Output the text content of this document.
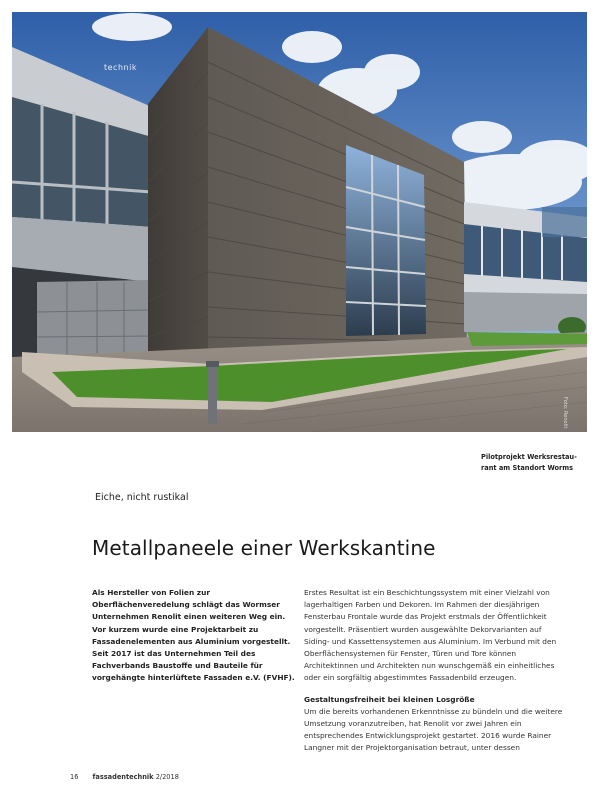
technik
Foto: Renolit
Pilotprojekt Werksrestau-rant am Standort Worms
Eiche, nicht rustikal
Metallpaneele einer Werkskantine
Als Hersteller von Folien zur Oberflächenveredelung schlägt das Wormser Unternehmen Renolit einen weiteren Weg ein. Vor kurzem wurde eine Projektarbeit zu Fassadenelementen aus Aluminium vorgestellt. Seit 2017 ist das Unternehmen Teil des Fachverbands Baustoffe und Bauteile für vorgehängte hinterlüftete Fassaden e.V. (FVHF).

Erstes Resultat ist ein Beschichtungssystem mit einer Vielzahl von lagerhaltigen Farben und Dekoren. Im Rahmen der diesjährigen Fensterbau Frontale wurde das Projekt erstmals der Öffentlichkeit vorgestellt. Präsentiert wurden ausgewählte Dekorvarianten auf Siding- und Kassettensystemen aus Aluminium. Im Verbund mit den Oberflächensystemen für Fenster, Türen und Tore können Architektinnen und Architekten nun wunschgemäß ein einheitliches oder ein sorgfältig abgestimmtes Fassadenbild erzeugen.

Gestaltungsfreiheit bei kleinen Losgröße

Um die bereits vorhandenen Erkenntnisse zu bündeln und die weitere Umsetzung voranzutreiben, hat Renolit vor zwei Jahren ein entsprechendes Entwicklungsprojekt gestartet. 2016 wurde Rainer Langner mit der Projektorganisation betraut, unter dessen

16 fassadentechnik 2/2018
